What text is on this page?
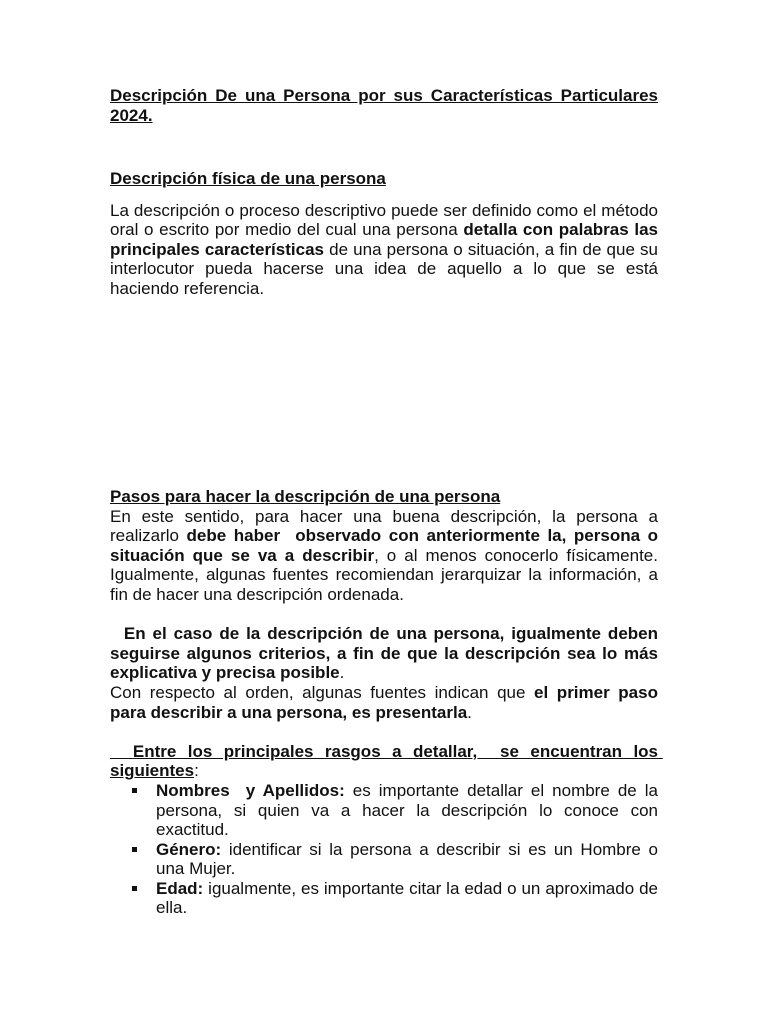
Descripción De una Persona por sus Características Particulares 2024.
Descripción física de una persona

La descripción o proceso descriptivo puede ser definido como el método oral o escrito por medio del cual una persona detalla con palabras las principales características de una persona o situación, a fin de que su interlocutor pueda hacerse una idea de aquello a lo que se está haciendo referencia.

Pasos para hacer la descripción de una persona

En este sentido, para hacer una buena descripción, la persona a realizarlo debe haber  observado con anteriormente la, persona o situación que se va a describir, o al menos conocerlo físicamente. Igualmente, algunas fuentes recomiendan jerarquizar la información, a fin de hacer una descripción ordenada.

En el caso de la descripción de una persona, igualmente deben seguirse algunos criterios, a fin de que la descripción sea lo más explicativa y precisa posible.

Con respecto al orden, algunas fuentes indican que el primer paso para describir a una persona, es presentarla.

Entre los principales rasgos a detallar,  se encuentran los siguientes:

Nombres  y Apellidos: es importante detallar el nombre de la persona, si quien va a hacer la descripción lo conoce con exactitud.
Género: identificar si la persona a describir si es un Hombre o una Mujer.
Edad: igualmente, es importante citar la edad o un aproximado de ella.
